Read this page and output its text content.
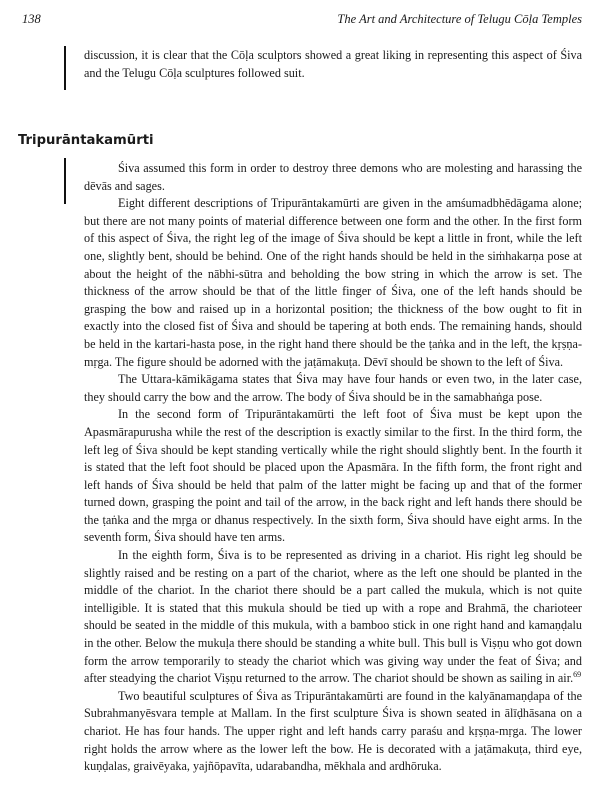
138	The Art and Architecture of Telugu Cōḷa Temples
discussion, it is clear that the Cōḷa sculptors showed a great liking in representing this aspect of Śiva and the Telugu Cōḷa sculptures followed suit.
Tripurāntakamūrti

Śiva assumed this form in order to destroy three demons who are molesting and harassing the dēvās and sages.

Eight different descriptions of Tripurāntakamūrti are given in the amśumadbhēdāgama alone; but there are not many points of material difference between one form and the other. In the first form of this aspect of Śiva, the right leg of the image of Śiva should be kept a little in front, while the left one, slightly bent, should be behind. One of the right hands should be held in the siṁhakarṇa pose at about the height of the nābhi-sūtra and beholding the bow string in which the arrow is set. The thickness of the arrow should be that of the little finger of Śiva, one of the left hands should be grasping the bow and raised up in a horizontal position; the thickness of the bow ought to fit in exactly into the closed fist of Śiva and should be tapering at both ends. The remaining hands, should be held in the kartari-hasta pose, in the right hand there should be the ṭaṅka and in the left, the kṛṣṇa-mṛga. The figure should be adorned with the jaṭāmakuṭa. Dēvī should be shown to the left of Śiva.

The Uttara-kāmikāgama states that Śiva may have four hands or even two, in the later case, they should carry the bow and the arrow. The body of Śiva should be in the samabhaṅga pose.

In the second form of Tripurāntakamūrti the left foot of Śiva must be kept upon the Apasmārapurusha while the rest of the description is exactly similar to the first. In the third form, the left leg of Śiva should be kept standing vertically while the right should slightly bent. In the fourth it is stated that the left foot should be placed upon the Apasmāra. In the fifth form, the front right and left hands of Śiva should be held that palm of the latter might be facing up and that of the former turned down, grasping the point and tail of the arrow, in the back right and left hands there should be the ṭaṅka and the mṛga or dhanus respectively. In the sixth form, Śiva should have eight arms. In the seventh form, Śiva should have ten arms.

In the eighth form, Śiva is to be represented as driving in a chariot. His right leg should be slightly raised and be resting on a part of the chariot, where as the left one should be planted in the middle of the chariot. In the chariot there should be a part called the mukula, which is not quite intelligible. It is stated that this mukula should be tied up with a rope and Brahmā, the charioteer should be seated in the middle of this mukula, with a bamboo stick in one right hand and kamaṇḍalu in the other. Below the mukuḷa there should be standing a white bull. This bull is Viṣṇu who got down form the arrow temporarily to steady the chariot which was giving way under the feat of Śiva; and after steadying the chariot Viṣṇu returned to the arrow. The chariot should be shown as sailing in air.$^{69}$

Two beautiful sculptures of Śiva as Tripurāntakamūrti are found in the kalyānamaṇḍapa of the Subrahmanyēsvara temple at Mallam. In the first sculpture Śiva is shown seated in ālīḍhāsana on a chariot. He has four hands. The upper right and left hands carry paraśu and kṛṣṇa-mṛga. The lower right holds the arrow where as the lower left the bow. He is decorated with a jaṭāmakuṭa, third eye, kuṇḍalas, graivēyaka, yajñōpavīta, udarabandha, mēkhala and ardhōruka.
